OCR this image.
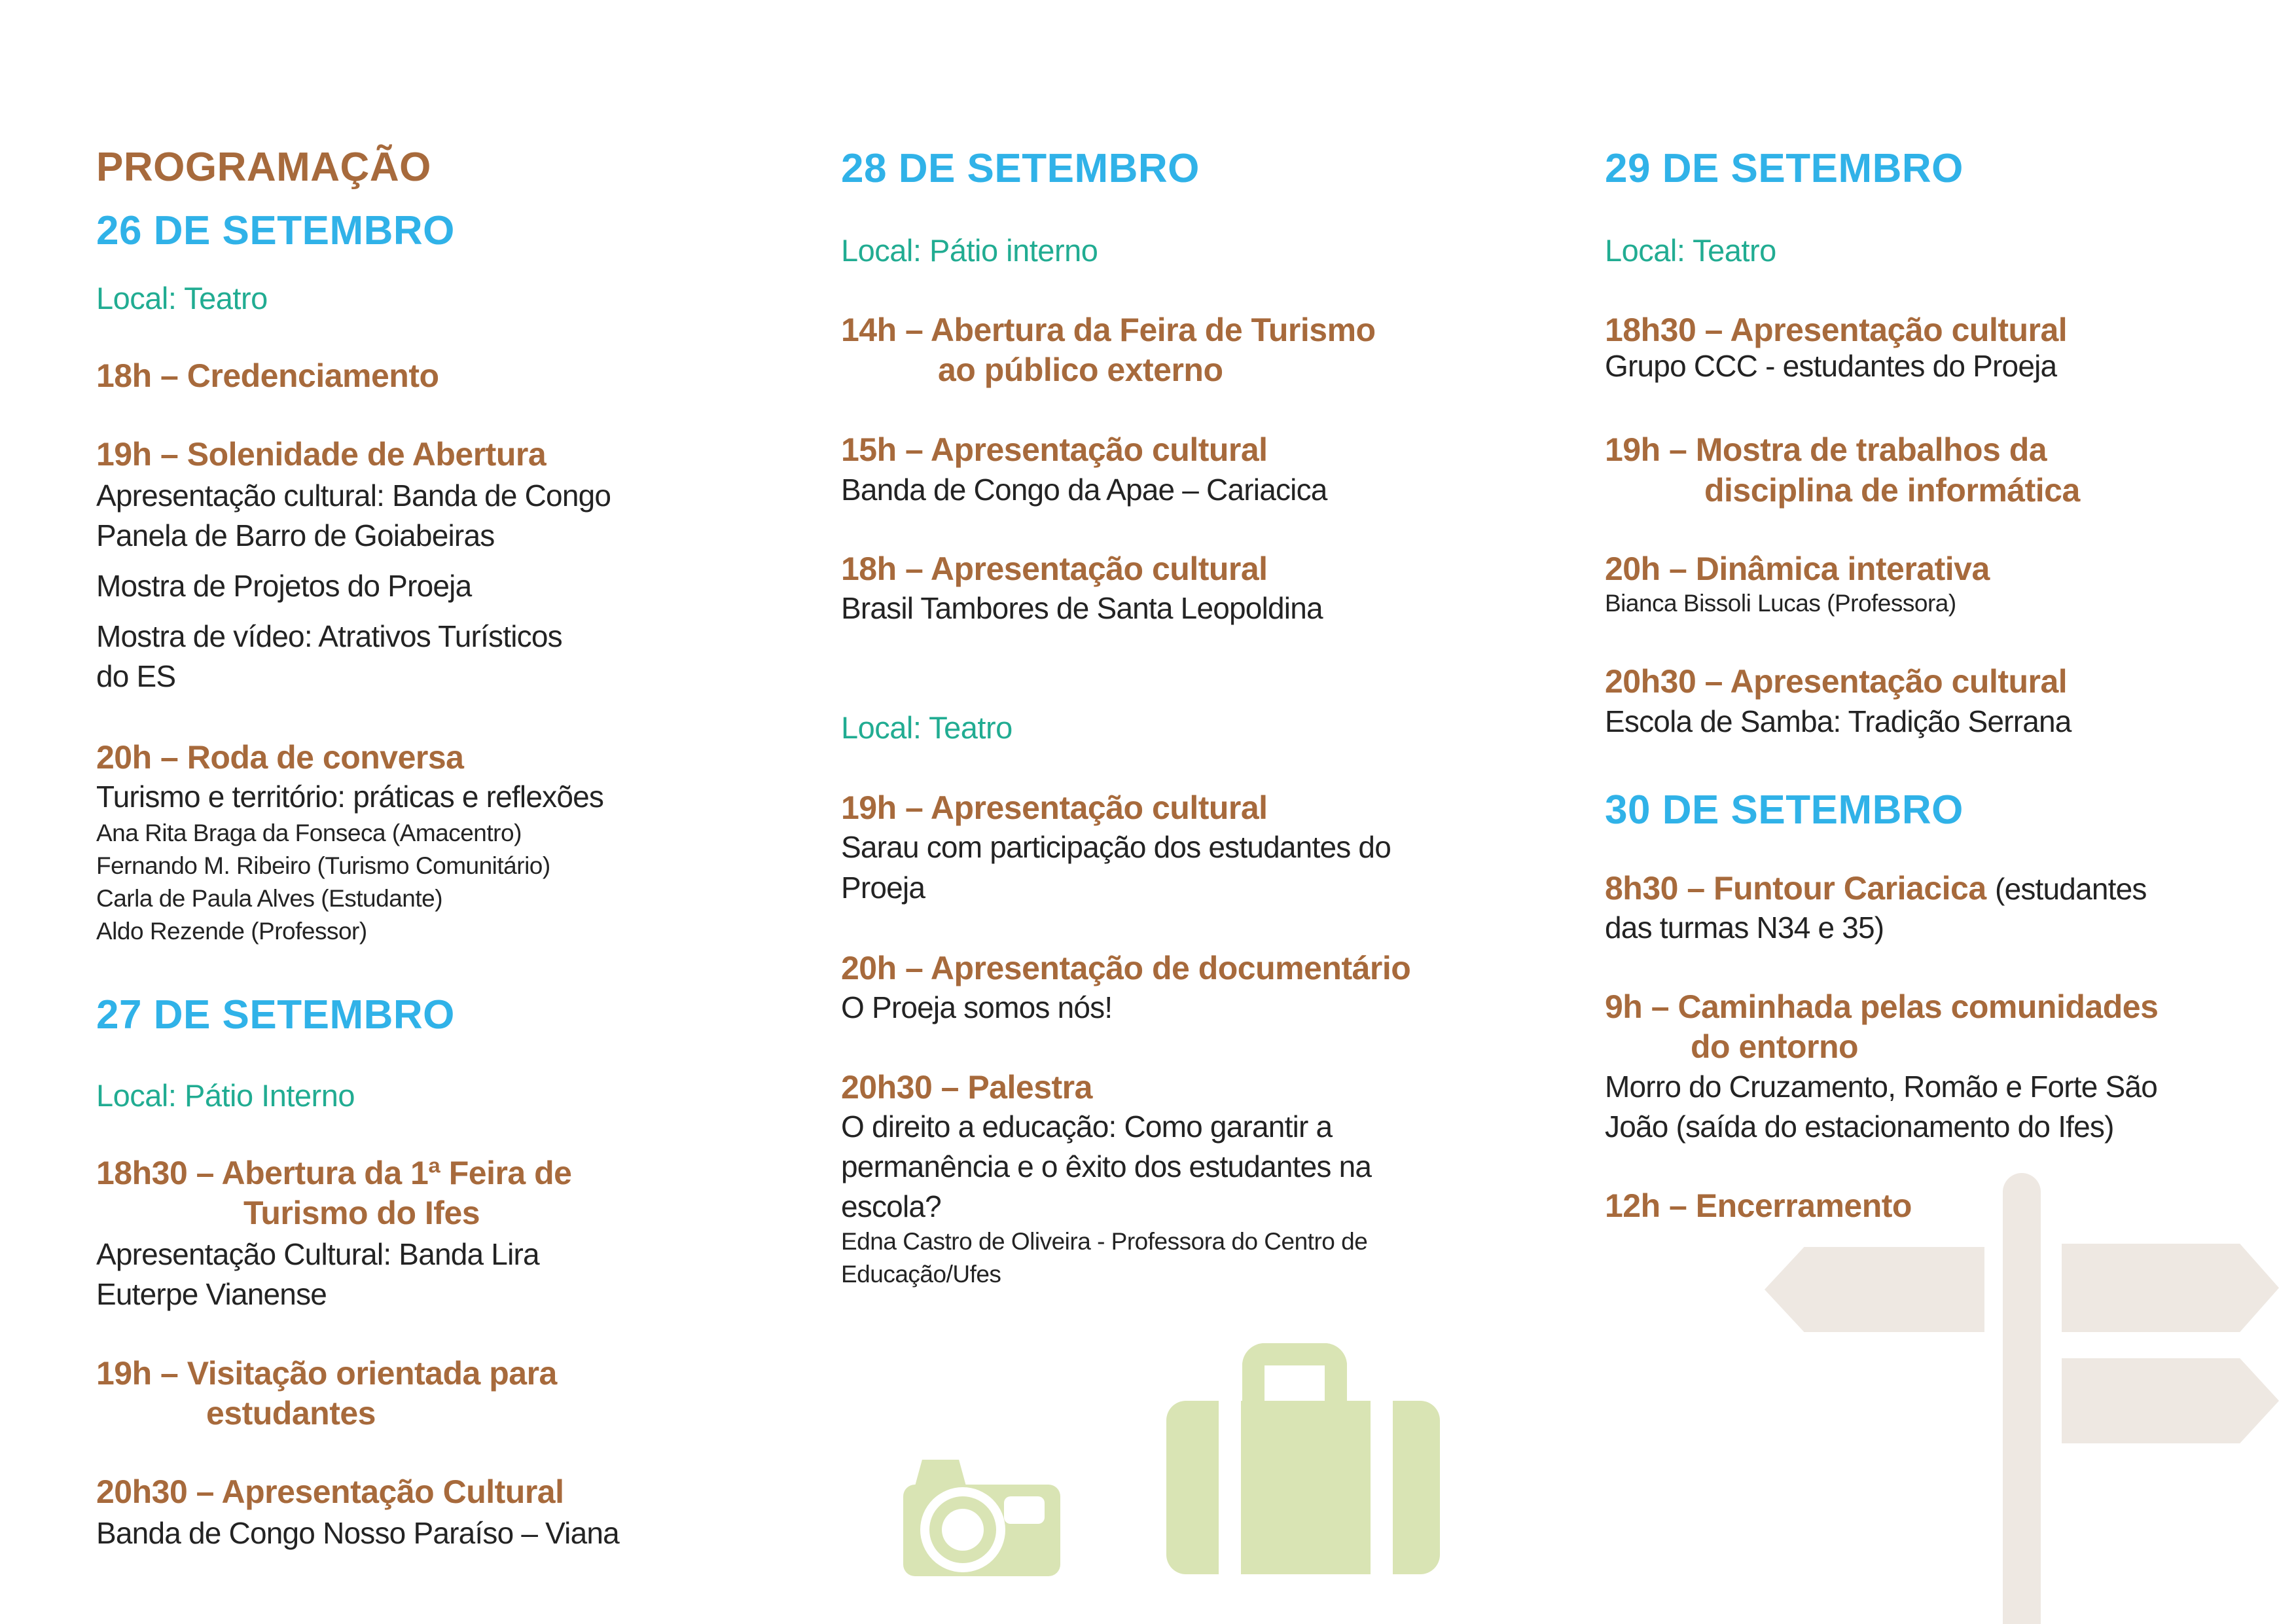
PROGRAMAÇÃO
26 DE SETEMBRO
Local: Teatro
18h – Credenciamento
19h – Solenidade de Abertura
Apresentação cultural: Banda de Congo
Panela de Barro de Goiabeiras
Mostra de Projetos do Proeja
Mostra de vídeo: Atrativos Turísticos
do ES
20h – Roda de conversa
Turismo e território: práticas e reflexões
Ana Rita Braga da Fonseca (Amacentro)
Fernando M. Ribeiro (Turismo Comunitário)
Carla de Paula Alves (Estudante)
Aldo Rezende (Professor)
27 DE SETEMBRO
Local: Pátio Interno
18h30 – Abertura da 1ª Feira de
Turismo do Ifes
Apresentação Cultural: Banda Lira
Euterpe Vianense
19h – Visitação orientada para
estudantes
20h30 – Apresentação Cultural
Banda de Congo Nosso Paraíso – Viana
28 DE SETEMBRO
Local: Pátio interno
14h – Abertura da Feira de Turismo
ao público externo
15h – Apresentação cultural
Banda de Congo da Apae – Cariacica
18h – Apresentação cultural
Brasil Tambores de Santa Leopoldina
Local: Teatro
19h – Apresentação cultural
Sarau com participação dos estudantes do
Proeja
20h – Apresentação de documentário
O Proeja somos nós!
20h30 – Palestra
O direito a educação: Como garantir a
permanência e o êxito dos estudantes na
escola?
Edna Castro de Oliveira - Professora do Centro de
Educação/Ufes
29 DE SETEMBRO
Local: Teatro
18h30 – Apresentação cultural
Grupo CCC - estudantes do Proeja
19h – Mostra de trabalhos da
disciplina de informática
20h – Dinâmica interativa
Bianca Bissoli Lucas (Professora)
20h30 – Apresentação cultural
Escola de Samba: Tradição Serrana
30 DE SETEMBRO
8h30 – Funtour Cariacica (estudantes
das turmas N34 e 35)
9h – Caminhada pelas comunidades
do entorno
Morro do Cruzamento, Romão e Forte São
João (saída do estacionamento do Ifes)
12h – Encerramento
